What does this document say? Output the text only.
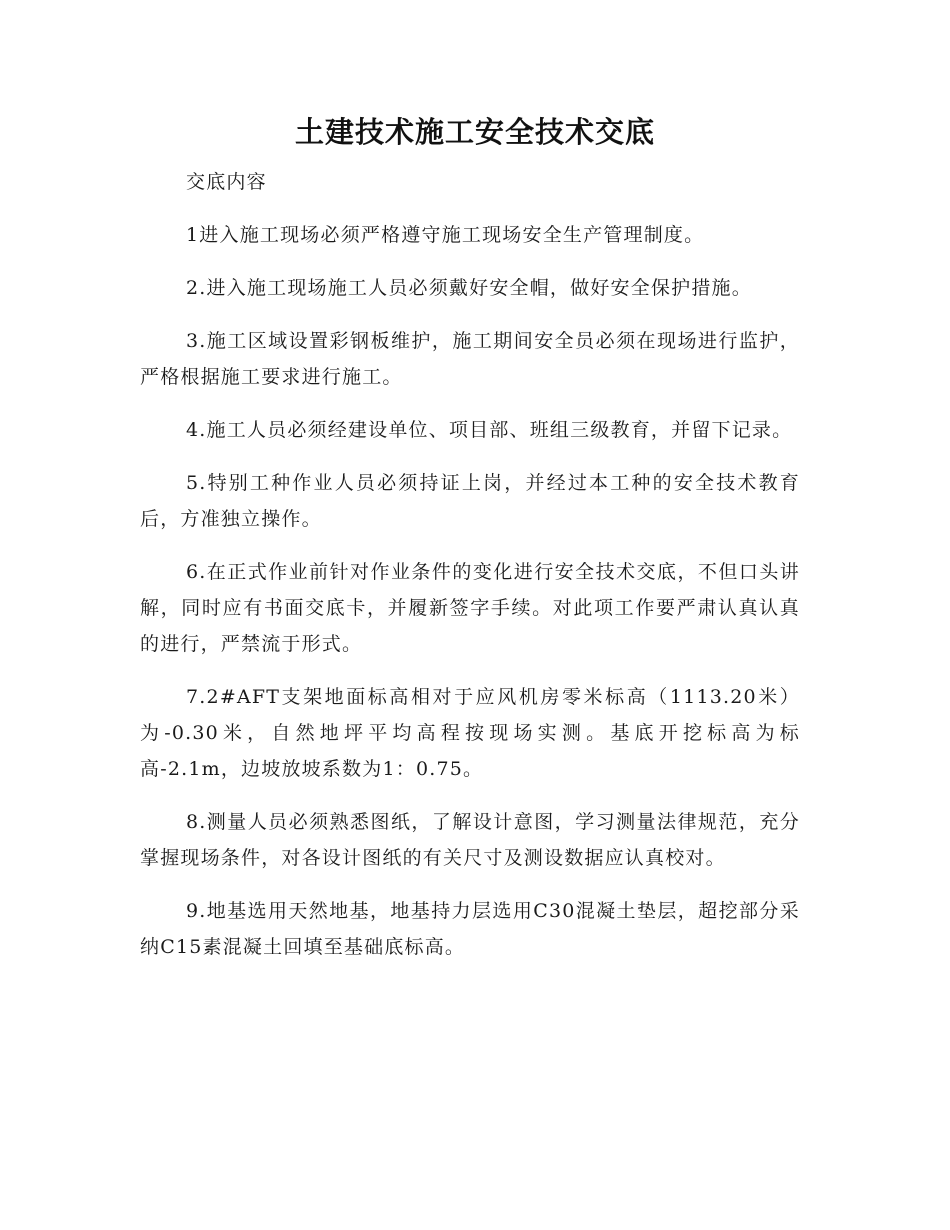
土建技术施工安全技术交底

交底内容

1进入施工现场必须严格遵守施工现场安全生产管理制度。

2.进入施工现场施工人员必须戴好安全帽，做好安全保护措施。

3.施工区域设置彩钢板维护，施工期间安全员必须在现场进行监护，严格根据施工要求进行施工。

4.施工人员必须经建设单位、项目部、班组三级教育，并留下记录。

5.特别工种作业人员必须持证上岗，并经过本工种的安全技术教育后，方准独立操作。

6.在正式作业前针对作业条件的变化进行安全技术交底，不但口头讲解，同时应有书面交底卡，并履新签字手续。对此项工作要严肃认真认真的进行，严禁流于形式。

7.2#AFT支架地面标高相对于应风机房零米标高（1113.20米）为-0.30米，自然地坪平均高程按现场实测。基底开挖标高为标高-2.1m，边坡放坡系数为1：0.75。

8.测量人员必须熟悉图纸，了解设计意图，学习测量法律规范，充分掌握现场条件，对各设计图纸的有关尺寸及测设数据应认真校对。

9.地基选用天然地基，地基持力层选用C30混凝土垫层，超挖部分采纳C15素混凝土回填至基础底标高。
